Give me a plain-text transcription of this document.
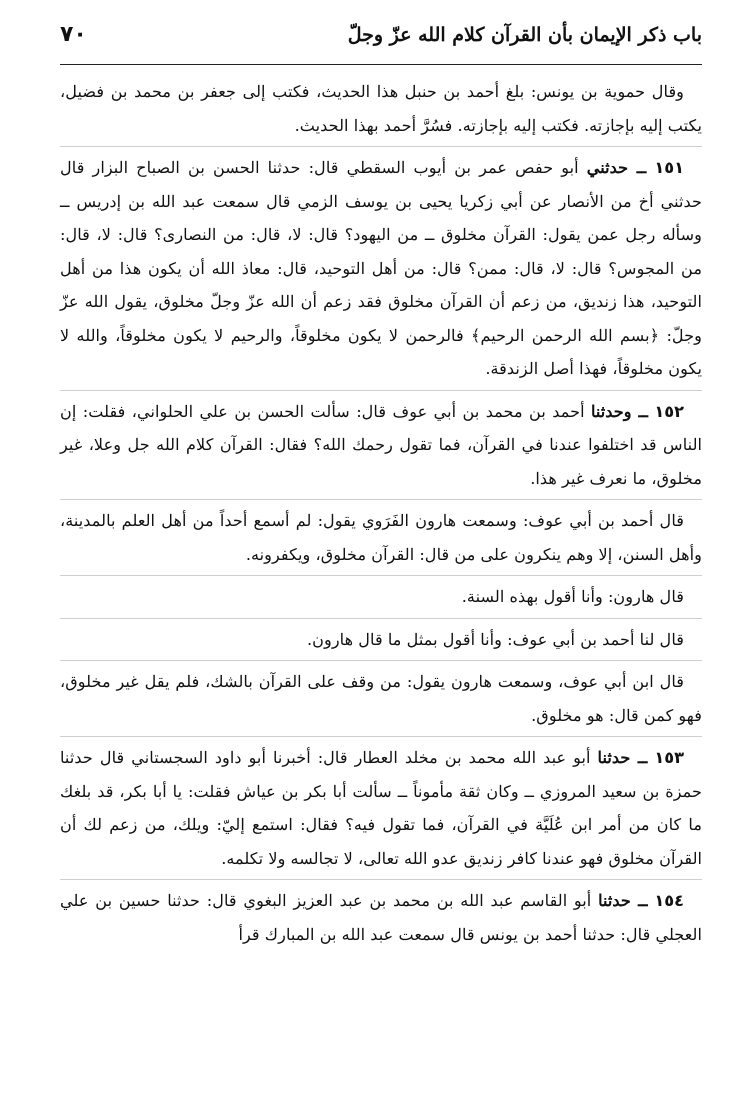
باب ذكر الإيمان بأن القرآن كلام الله عزّ وجلّ
٧٠

وقال حموية بن يونس: بلغ أحمد بن حنبل هذا الحديث، فكتب إلى جعفر بن محمد بن فضيل، يكتب إليه بإجازته. فكتب إليه بإجازته. فسُرَّ أحمد بهذا الحديث.

١٥١ ــ حدثني أبو حفص عمر بن أيوب السقطي قال: حدثنا الحسن بن الصباح البزار قال حدثني أخ من الأنصار عن أبي زكريا يحيى بن يوسف الزمي قال سمعت عبد الله بن إدريس ــ وسأله رجل عمن يقول: القرآن مخلوق ــ من اليهود؟ قال: لا، قال: من النصارى؟ قال: لا، قال: من المجوس؟ قال: لا، قال: ممن؟ قال: من أهل التوحيد، قال: معاذ الله أن يكون هذا من أهل التوحيد، هذا زنديق، من زعم أن القرآن مخلوق فقد زعم أن الله عزّ وجلّ مخلوق، يقول الله عزّ وجلّ: ﴿بسم الله الرحمن الرحيم﴾ فالرحمن لا يكون مخلوقاً، والرحيم لا يكون مخلوقاً، والله لا يكون مخلوقاً، فهذا أصل الزندقة.

١٥٢ ــ وحدثنا أحمد بن محمد بن أبي عوف قال: سألت الحسن بن علي الحلواني، فقلت: إن الناس قد اختلفوا عندنا في القرآن، فما تقول رحمك الله؟ فقال: القرآن كلام الله جل وعلا، غير مخلوق، ما نعرف غير هذا.

قال أحمد بن أبي عوف: وسمعت هارون الفَرَوي يقول: لم أسمع أحداً من أهل العلم بالمدينة، وأهل السنن، إلا وهم ينكرون على من قال: القرآن مخلوق، ويكفرونه.

قال هارون: وأنا أقول بهذه السنة.

قال لنا أحمد بن أبي عوف: وأنا أقول بمثل ما قال هارون.

قال ابن أبي عوف، وسمعت هارون يقول: من وقف على القرآن بالشك، فلم يقل غير مخلوق، فهو كمن قال: هو مخلوق.

١٥٣ ــ حدثنا أبو عبد الله محمد بن مخلد العطار قال: أخبرنا أبو داود السجستاني قال حدثنا حمزة بن سعيد المروزي ــ وكان ثقة مأموناً ــ سألت أبا بكر بن عياش فقلت: يا أبا بكر، قد بلغك ما كان من أمر ابن عُلَيَّة في القرآن، فما تقول فيه؟ فقال: استمع إليّ: ويلك، من زعم لك أن القرآن مخلوق فهو عندنا كافر زنديق عدو الله تعالى، لا تجالسه ولا تكلمه.

١٥٤ ــ حدثنا أبو القاسم عبد الله بن محمد بن عبد العزيز البغوي قال: حدثنا حسين بن علي العجلي قال: حدثنا أحمد بن يونس قال سمعت عبد الله بن المبارك قرأ
